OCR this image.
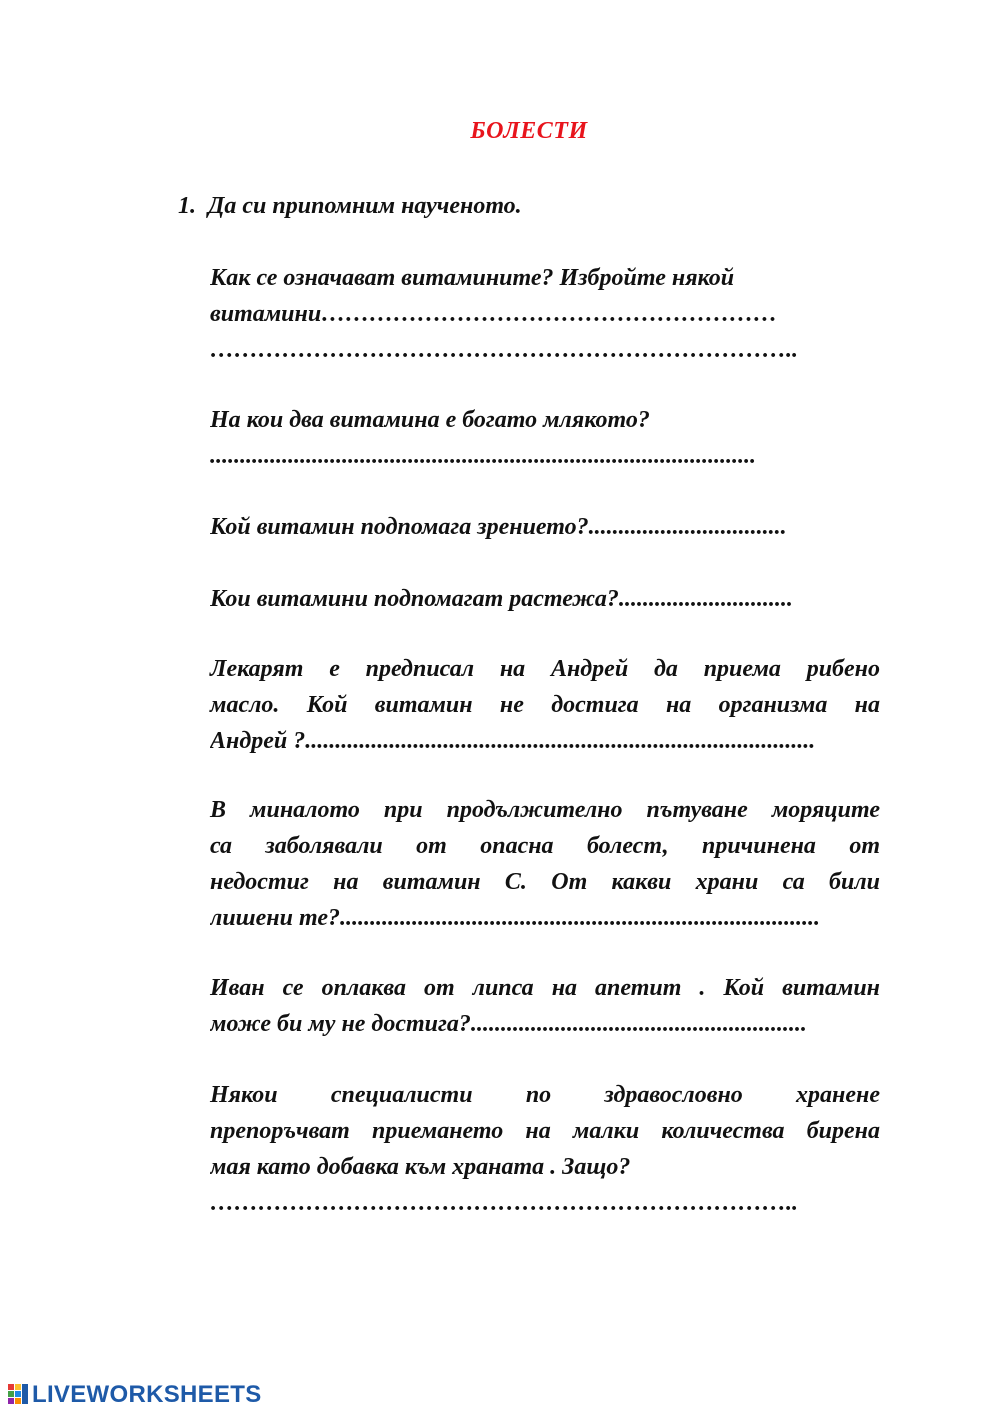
БОЛЕСТИ
1. Да си припомним наученото.
Как се означават витамините? Избройте някой
витамини…………………………………………………
………………………………………………………………..
На кои два витамина е богато млякото?
...........................................................................................
Кой витамин подпомага зрението?.................................
Кои витамини подпомагат растежа?.............................
Лекарят е предписал на Андрей да приема рибено
масло. Кой витамин не достига на организма на
Андрей ?.....................................................................................
В миналото при продължително пътуване моряците
са заболявали от опасна болест, причинена от
недостиг на витамин С. От какви храни са били
лишени те?................................................................................
Иван се оплаква от липса на апетит . Кой витамин
може би му не достига?........................................................
Някои специалисти по здравословно хранене
препоръчват приемането на малки количества бирена
мая като добавка към храната . Защо?
………………………………………………………………..
LIVEWORKSHEETS
